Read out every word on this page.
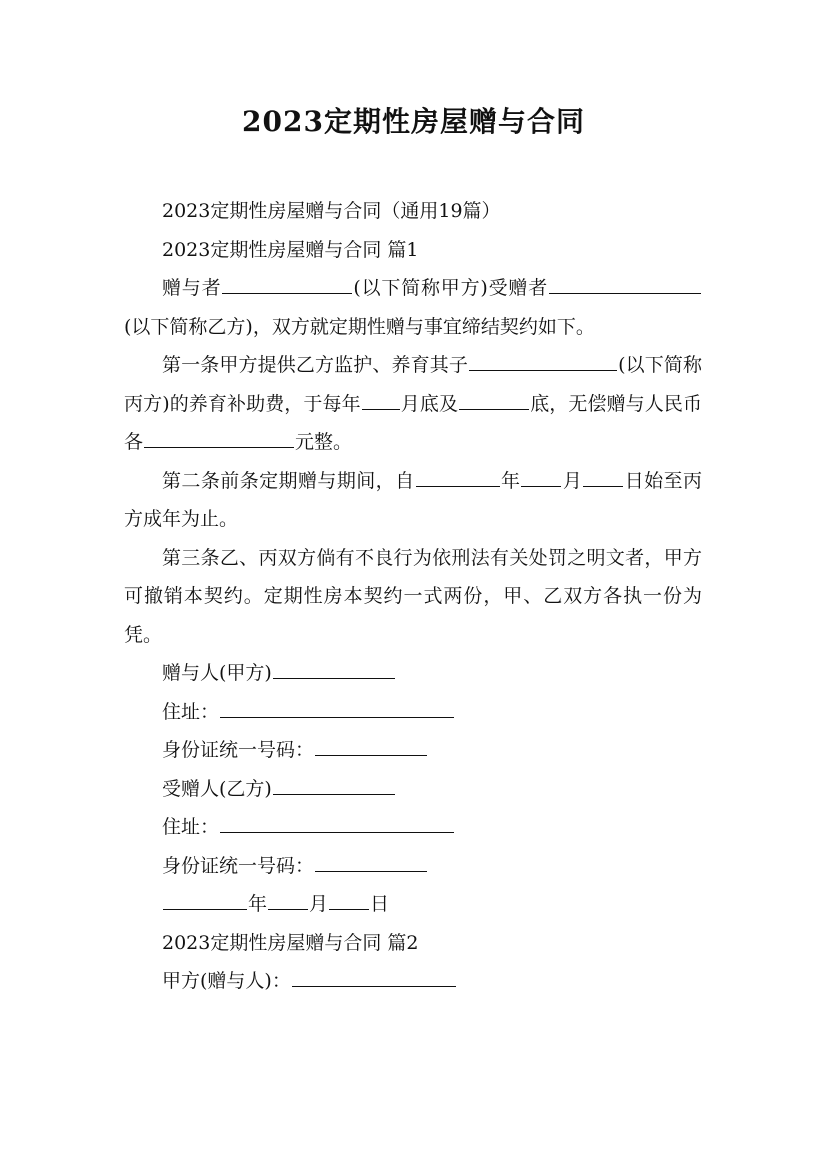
2023定期性房屋赠与合同

2023定期性房屋赠与合同（通用19篇）

2023定期性房屋赠与合同 篇1

赠与者	(以下简称甲方)受赠者(以下简称乙方)，双方就定期性赠与事宜缔结契约如下。

第一条甲方提供乙方监护、养育其子	(以下简称丙方)的养育补助费，于每年 月底及	底，无偿赠与人民币各	元整。

第二条前条定期赠与期间，自	年 月 日始至丙方成年为止。

第三条乙、丙双方倘有不良行为依刑法有关处罚之明文者，甲方可撤销本契约。定期性房本契约一式两份，甲、乙双方各执一份为凭。

赠与人(甲方)

住址：

身份证统一号码：

受赠人(乙方)

住址：

身份证统一号码：

年 月 日

2023定期性房屋赠与合同 篇2

甲方(赠与人)：
